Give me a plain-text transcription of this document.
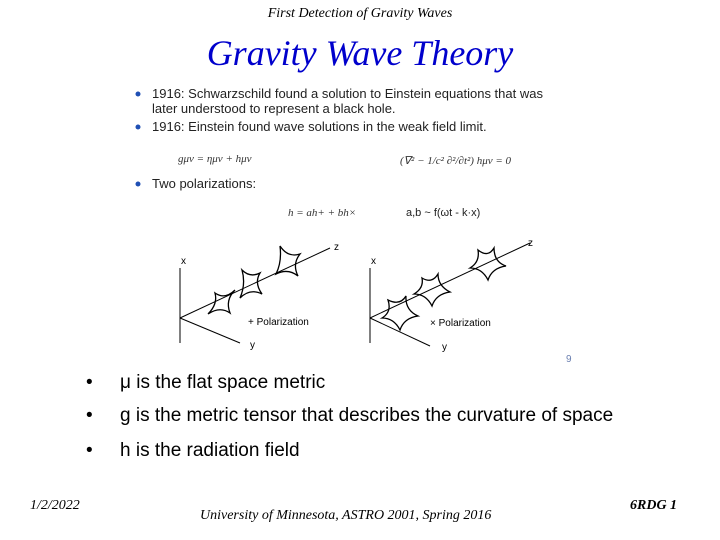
First Detection of Gravity Waves
Gravity Wave Theory
1916: Schwarzschild found a solution to Einstein equations that was
later understood to represent a black hole.
1916: Einstein found wave solutions in the weak field limit.
gμν = ημν + hμν	(∇² − 1/c² ∂²/∂t²) hμν = 0
Two polarizations:
h = ah+ + bh×	a,b ~ f(ωt - k·x)
x
y
z
+ Polarization
x
y
z
× Polarization
9
• μ is the flat space metric
• g is the metric tensor that describes the curvature of space
• h is the radiation field
1/2/2022
University of Minnesota, ASTRO 2001, Spring 2016
6RDG 1
